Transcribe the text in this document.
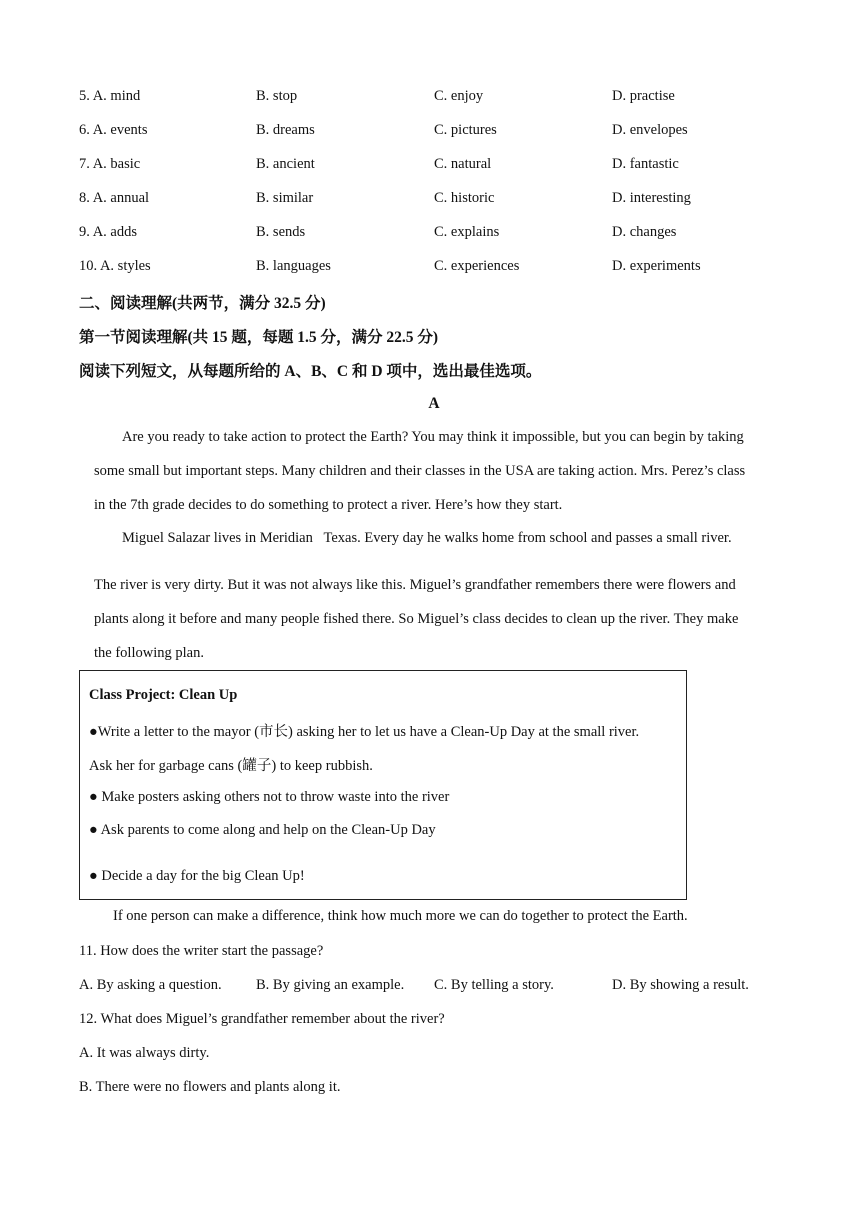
5. A. mind	B. stop	C. enjoy	D. practise
6. A. events	B. dreams	C. pictures	D. envelopes
7. A. basic	B. ancient	C. natural	D. fantastic
8. A. annual	B. similar	C. historic	D. interesting
9. A. adds	B. sends	C. explains	D. changes
10. A. styles	B. languages	C. experiences	D. experiments
二、阅读理解(共两节，满分 32.5 分)
第一节阅读理解(共 15 题，每题 1.5 分，满分 22.5 分)
阅读下列短文，从每题所给的 A、B、C 和 D 项中，选出最佳选项。
A
Are you ready to take action to protect the Earth? You may think it impossible, but you can begin by taking
some small but important steps. Many children and their classes in the USA are taking action. Mrs. Perez’s class
in the 7th grade decides to do something to protect a river. Here’s how they start.
Miguel Salazar lives in Meridian   Texas. Every day he walks home from school and passes a small river.
The river is very dirty. But it was not always like this. Miguel’s grandfather remembers there were flowers and
plants along it before and many people fished there. So Miguel’s class decides to clean up the river. They make
the following plan.
Class Project: Clean Up
●Write a letter to the mayor (市长) asking her to let us have a Clean-Up Day at the small river.
Ask her for garbage cans (罐子) to keep rubbish.
● Make posters asking others not to throw waste into the river
● Ask parents to come along and help on the Clean-Up Day
● Decide a day for the big Clean Up!
If one person can make a difference, think how much more we can do together to protect the Earth.
11. How does the writer start the passage?
A. By asking a question. B. By giving an example. C. By telling a story.	D. By showing a result.
12. What does Miguel’s grandfather remember about the river?
A. It was always dirty.
B. There were no flowers and plants along it.
